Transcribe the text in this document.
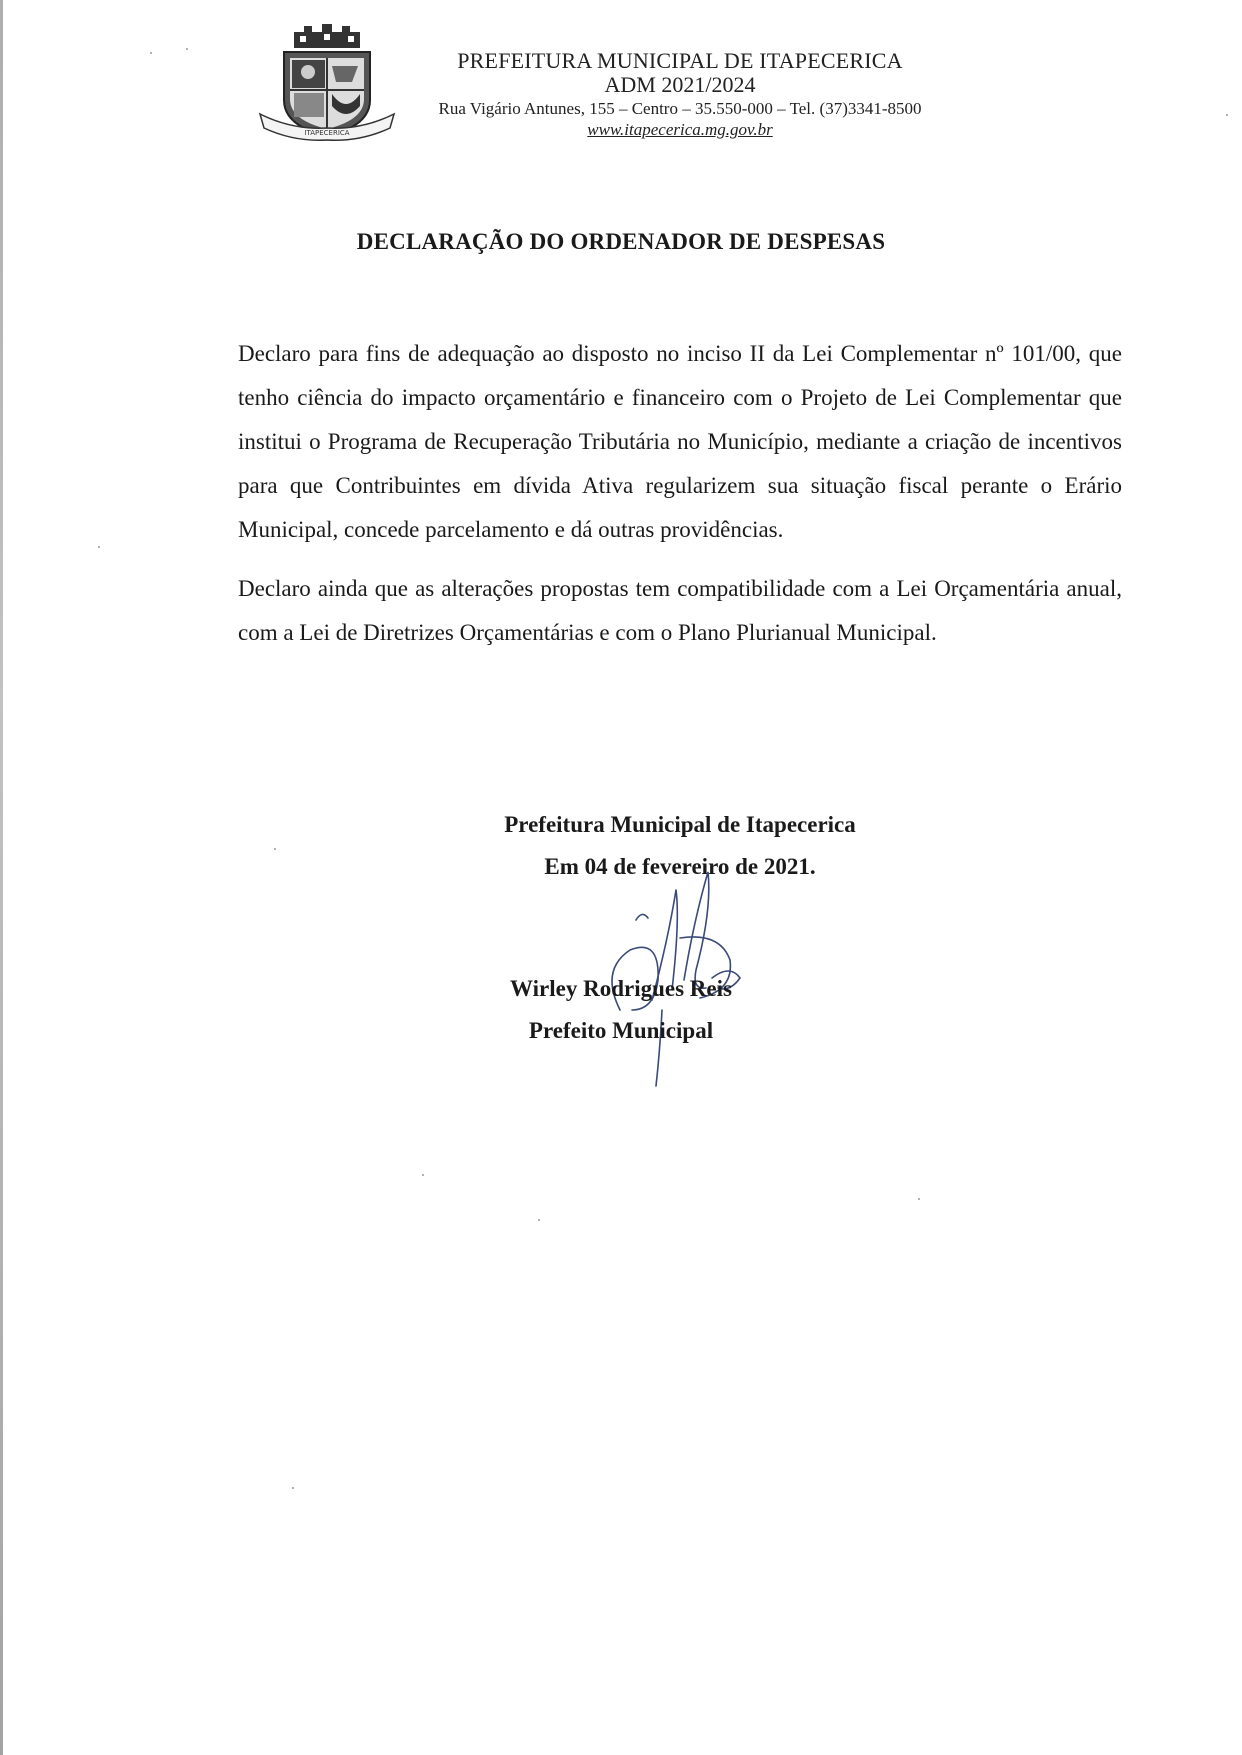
ITAPECERICA
PREFEITURA MUNICIPAL DE ITAPECERICA
ADM 2021/2024
Rua Vigário Antunes, 155 – Centro – 35.550-000 – Tel. (37)3341-8500
www.itapecerica.mg.gov.br
DECLARAÇÃO DO ORDENADOR DE DESPESAS

Declaro para fins de adequação ao disposto no inciso II da Lei Complementar nº 101/00, que tenho ciência do impacto orçamentário e financeiro com o Projeto de Lei Complementar que institui o Programa de Recuperação Tributária no Município, mediante a criação de incentivos para que Contribuintes em dívida Ativa regularizem sua situação fiscal perante o Erário Municipal, concede parcelamento e dá outras providências.

Declaro ainda que as alterações propostas tem compatibilidade com a Lei Orçamentária anual, com a Lei de Diretrizes Orçamentárias e com o Plano Plurianual Municipal.

Prefeitura Municipal de Itapecerica
Em 04 de fevereiro de 2021.
Wirley Rodrigues Reis
Prefeito Municipal
